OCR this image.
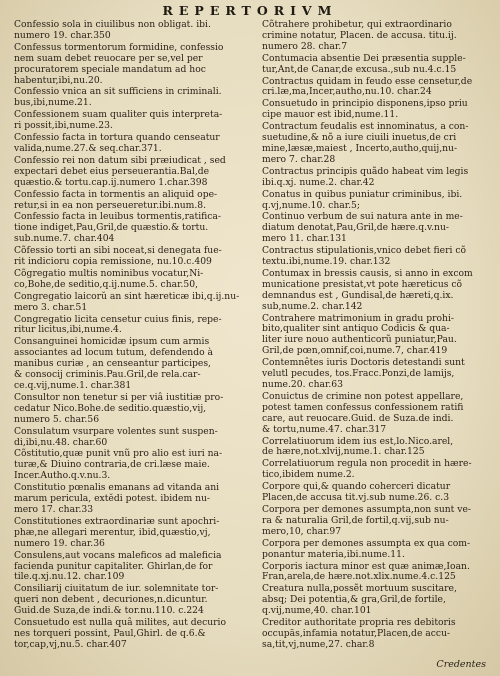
REPERTORIVM
Confessio sola in ciuilibus non obligat. ibi.
numero 19. char.350
Confessus tormentorum formidine, confessio
nem suam debet reuocare per se,vel per
procuratorem speciale mandatum ad hoc
habentur,ibi,nu.20.
Confessio vnica an sit sufficiens in criminali.
bus,ibi,nume.21.
Confessionem suam qualiter quis interpreta-
ri possit,ibi,nume.23.
Confessio facta in tortura quando censeatur
valida,nume.27.& seq.char.371.
Confessio rei non datum sibi præiudicat , sed
expectari debet eius perseuerantia.Bal,de
quæstio.& tortu.cap.ij.numero 1.char.398
Confessio facta in tormentis an aliquid ope-
retur,si in ea non perseueretur.ibi.num.8.
Confessio facta in leuibus tormentis,ratifica-
tione indiget,Pau,Gril,de quæstio.& tortu.
sub.nume.7. char.404
Cõfessio torti an sibi noceat,si denegata fue-
rit indicioru copia remissione, nu.10.c.409
Cõgregatio multis nominibus vocatur,Ni-
co,Bohe,de seditio,q.ij.nume.5. char.50,
Congregatio laicorŭ an sint hæreticæ ibi,q.ij.nu-
mero 3. char.51
Congregatio licita censetur cuius finis, repe-
ritur licitus,ibi,nume.4.
Consanguinei homicidæ ipsum cum armis
associantes ad locum tutum, defendendo à
manibus curiæ , an censeantur participes,
& consocij criminis.Pau.Gril,de rela.car-
ce.q.vij,nume.1. char.381
Consultor non tenetur si per viâ iustitiæ pro-
cedatur Nico.Bohe.de seditio.quæstio,vij,
numero 5. char.56
Consulatum vsurpare volentes sunt suspen-
di,ibi,nu.48. char.60
Cõstitutio,quæ punit vnũ pro alio est iuri na-
turæ,& Diuino contraria,de cri.læse maie.
Incer.Autho.q.v.nu.3.
Constitutio pœnalis emanans ad vitanda ani
marum pericula, extĕdi potest. ibidem nu-
mero 17. char.33
Constitutiones extraordinariæ sunt apochri-
phæ,ne allegari merentur, ibid,quæstio,vj,
numero 19. char.36
Consulens,aut vocans maleficos ad maleficia
facienda punitur capitaliter. Ghirlan,de for
tile.q.xj.nu.12. char.109
Consiliarij ciuitatum de iur. solemnitate tor-
queri non debent , decuriones,n.dicuntur.
Guid.de Suza,de indi.& tor.nu.110. c.224
Consuetudo est nulla quâ milites, aut decurio
nes torqueri possint, Paul,Ghirl. de q.6.&
tor,cap,vj,nu.5. char.407
Cõtrahere prohibetur, qui extraordinario
crimine notatur, Placen. de accusa. titu.ij.
numero 28. char.7
Contumacia absentie Dei præsentia supple-
tur,Ant,de Canar,de excusa.,sub nu.4.c.15
Contractus quidam in feudo esse censetur,de
cri.læ,ma,Incer,autho,nu.10. char.24
Consuetudo in principio disponens,ipso priu
cipe mauor est ibid,nume.11.
Contractum feudalis est innominatus, a con-
suetudine,& nõ a iure ciuili inuetus,de cri
mine,læsæ,maiest , Incerto,autho,quij,nu-
mero 7. char.28
Contractus principis quãdo habeat vim legis
ibi.q.xj. nume.2. char.42
Conatus in quibus puniatur criminibus, ibi.
q.vj,nume.10. char.5;
Continuo verbum de sui natura ante in me-
diatum denotat,Pau,Gril,de hære.q.v.nu-
mero 11. char.131
Contractus stipulationis,vnico debet fieri cõ
textu.ibi,nume.19. char.132
Contumax in bressis causis, si anno in excom
municatione presistat,vt pote hæreticus cõ
demnandus est , Gundisal,de hæreti,q.ix.
sub,nume.2. char.142
Contrahere matrimonium in gradu prohi-
bito,qualiter sint antiquo Codicis & qua-
liter iure nouo authenticorũ puniatur,Pau.
Gril,de pœn,omnif,coi,nume.7, char.419
Contemnêtes iuris Doctoris detestandi sunt
velutl pecudes, tos.Fracc.Ponzi,de lamijs,
nume.20. char.63
Conuictus de crimine non potest appellare,
potest tamen confessus confessionem ratifi
care, aut reuocare.Guid. de Suza.de indi.
& tortu,nume.47. char.317
Correlatiuorum idem ius est,lo.Nico.arel,
de hære,not.xlvij,nume.1. char.125
Correlatiuorum regula non procedit in hære-
tico,ibidem nume.2.
Corpore qui,& quando coherceri dicatur
Placen,de accusa tit.vj.sub nume.26. c.3
Corpora per demones assumpta,non sunt ve-
ra & naturalia Gril,de fortil,q.vij,sub nu-
mero,10, char.97
Corpora per demones assumpta ex qua com-
ponantur materia,ibi.nume.11.
Corporis iactura minor est quæ animæ,Ioan.
Fran,arela,de hære.not.xlix.nume.4.c.125
Creatura nulla,possẽt mortuum suscitare,
absq; Dei potentia,& gra,Gril,de fortile,
q.vij,nume,40. char.101
Creditor authoritate propria res debitoris
occupās,infamia notatur,Placen,de accu-
sa,tit,vj,nume,27. char.8
Credentes
